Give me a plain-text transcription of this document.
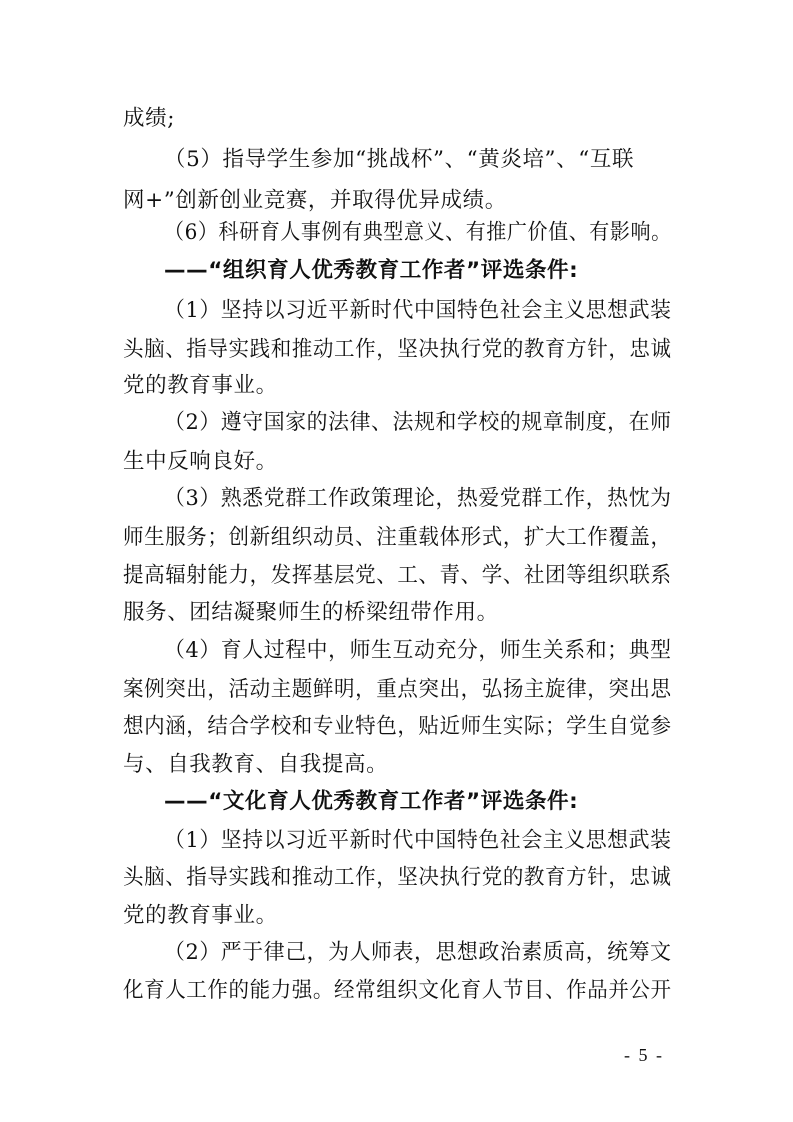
成绩;
（5）指导学生参加“挑战杯”、“黄炎培”、“互联
网+”创新创业竞赛，并取得优异成绩。
（6）科研育人事例有典型意义、有推广价值、有影响。
——“组织育人优秀教育工作者”评选条件:
（1）坚持以习近平新时代中国特色社会主义思想武装
头脑、指导实践和推动工作，坚决执行党的教育方针，忠诚
党的教育事业。
（2）遵守国家的法律、法规和学校的规章制度，在师
生中反响良好。
（3）熟悉党群工作政策理论，热爱党群工作，热忱为
师生服务；创新组织动员、注重载体形式，扩大工作覆盖，
提高辐射能力，发挥基层党、工、青、学、社团等组织联系
服务、团结凝聚师生的桥梁纽带作用。
（4）育人过程中，师生互动充分，师生关系和；典型
案例突出，活动主题鲜明，重点突出，弘扬主旋律，突出思
想内涵，结合学校和专业特色，贴近师生实际；学生自觉参
与、自我教育、自我提高。
——“文化育人优秀教育工作者”评选条件:
（1）坚持以习近平新时代中国特色社会主义思想武装
头脑、指导实践和推动工作，坚决执行党的教育方针，忠诚
党的教育事业。
（2）严于律己，为人师表，思想政治素质高，统筹文
化育人工作的能力强。经常组织文化育人节目、作品并公开
- 5 -
